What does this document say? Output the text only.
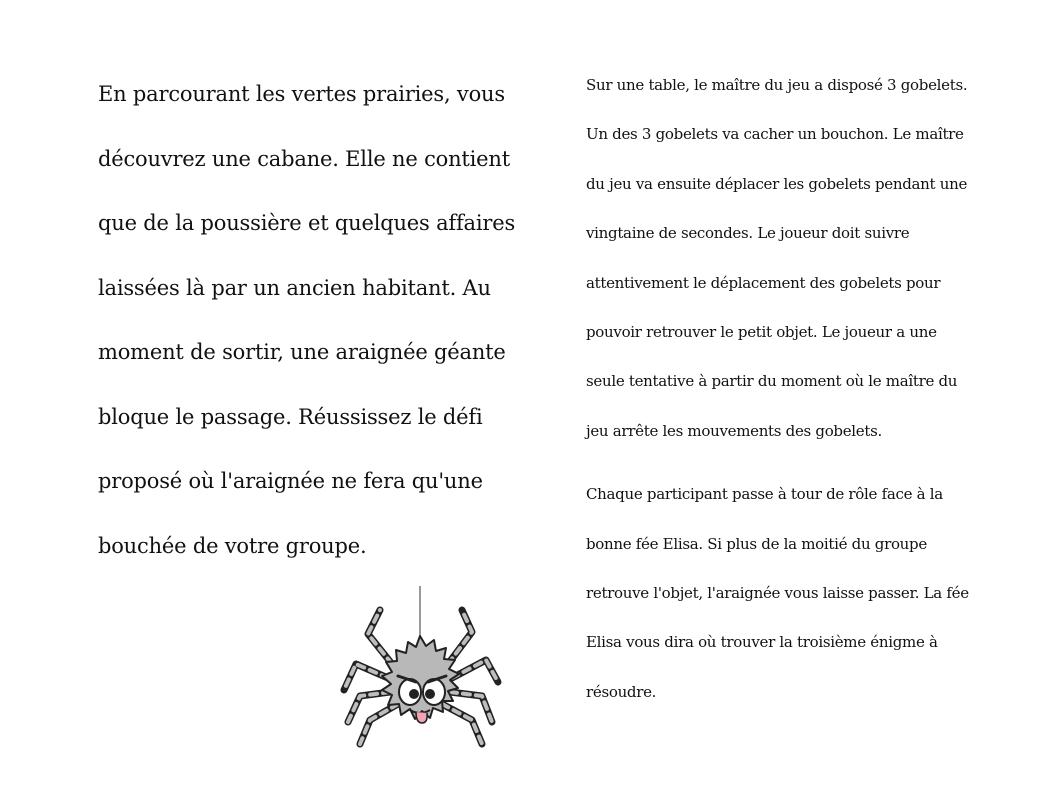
En parcourant les vertes prairies, vous
découvrez une cabane. Elle ne contient
que de la poussière et quelques affaires
laissées là par un ancien habitant. Au
moment de sortir, une araignée géante
bloque le passage. Réussissez le défi
proposé où l'araignée ne fera qu'une
bouchée de votre groupe.
Sur une table, le maître du jeu a disposé 3 gobelets.
Un des 3 gobelets va cacher un bouchon. Le maître
du jeu va ensuite déplacer les gobelets pendant une
vingtaine de secondes. Le joueur doit suivre
attentivement le déplacement des gobelets pour
pouvoir retrouver le petit objet. Le joueur a une
seule tentative à partir du moment où le maître du
jeu arrête les mouvements des gobelets.
Chaque participant passe à tour de rôle face à la
bonne fée Elisa. Si plus de la moitié du groupe
retrouve l'objet, l'araignée vous laisse passer. La fée
Elisa vous dira où trouver la troisième énigme à
résoudre.
